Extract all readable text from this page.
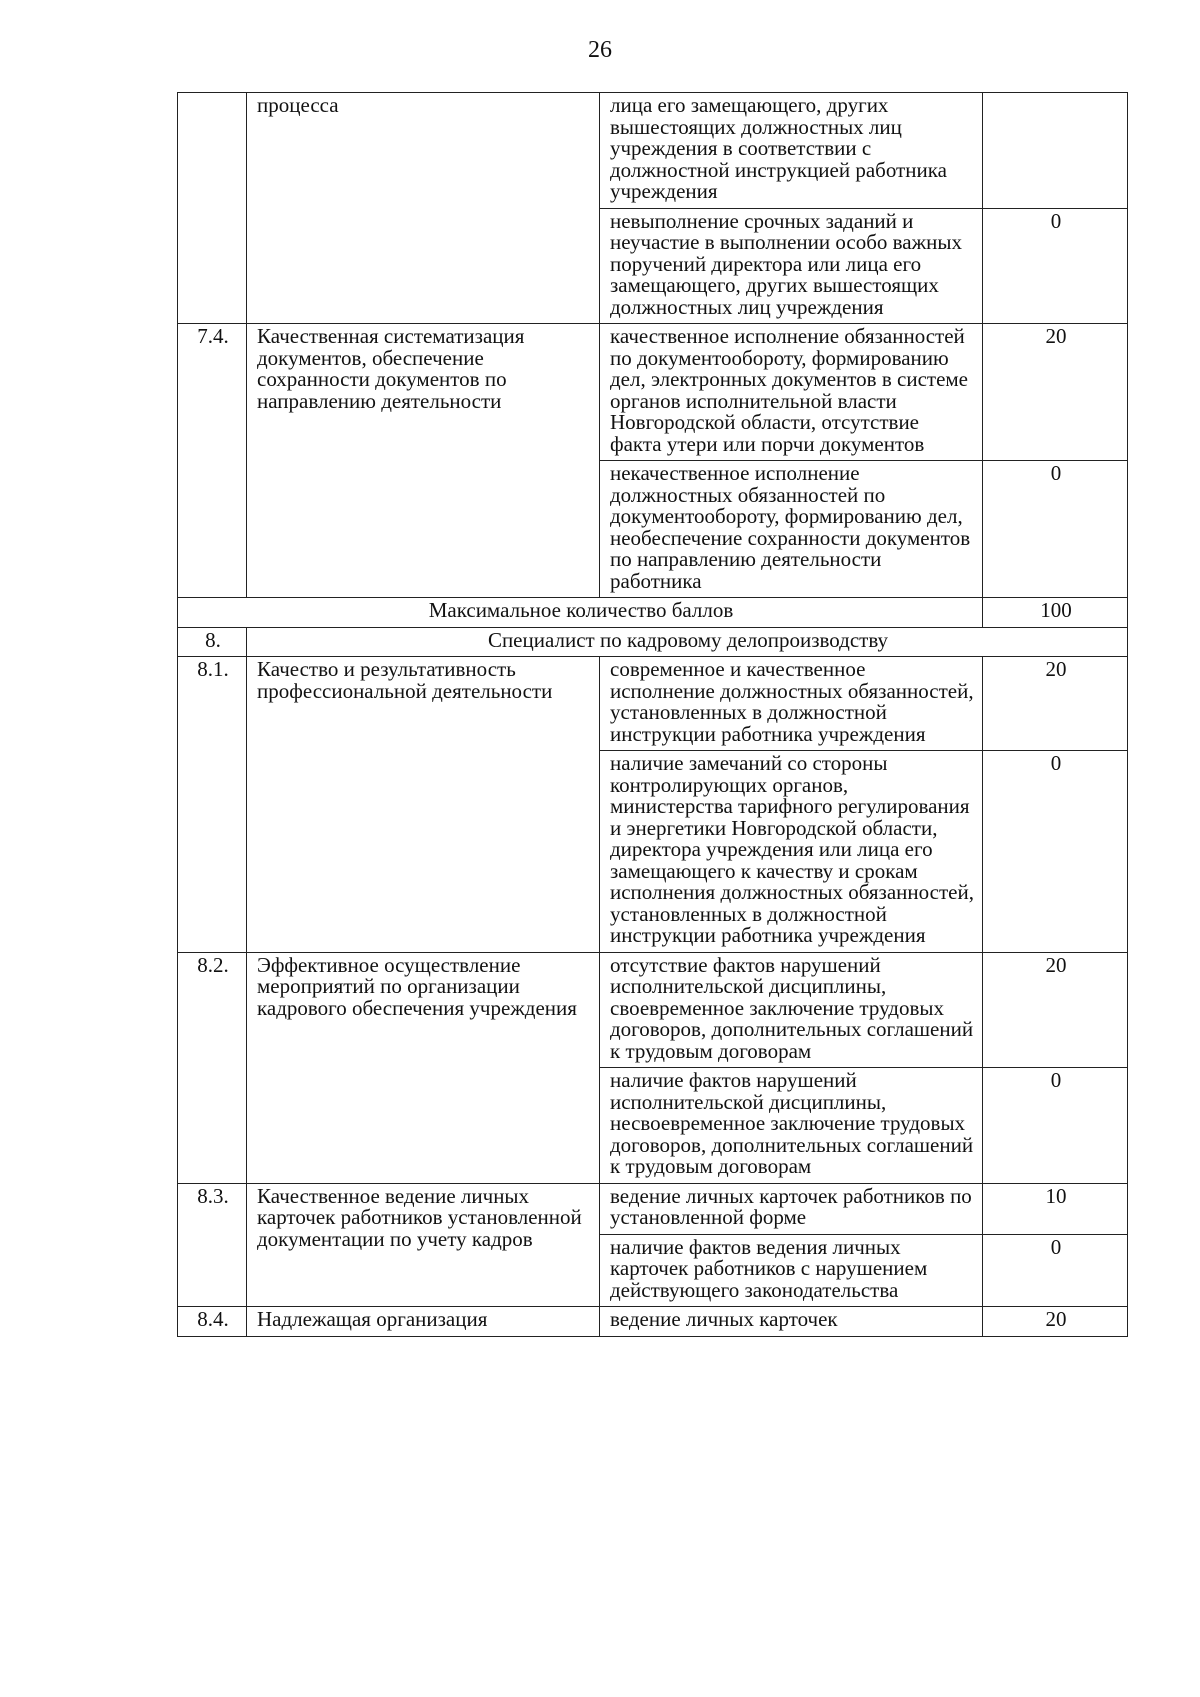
26
	процесса	лица его замещающего, других вышестоящих должностных лиц учреждения в соответствии с должностной инструкцией работника учреждения	
		невыполнение срочных заданий и неучастие в выполнении особо важных поручений директора или лица его замещающего, других вышестоящих должностных лиц учреждения	0
7.4.	Качественная систематизация документов, обеспечение сохранности документов по направлению деятельности	качественное исполнение обязанностей по документообороту, формированию дел, электронных документов в системе органов исполнительной власти Новгородской области, отсутствие факта утери или порчи документов	20
		некачественное исполнение должностных обязанностей по документообороту, формированию дел, необеспечение сохранности документов по направлению деятельности работника	0
Максимальное количество баллов			100
8.	Специалист по кадровому делопроизводству		
8.1.	Качество и результативность профессиональной деятельности	современное и качественное исполнение должностных обязанностей, установленных в должностной инструкции работника учреждения	20
		наличие замечаний со стороны контролирующих органов, министерства тарифного регулирования и энергетики Новгородской области, директора учреждения или лица его замещающего к качеству и срокам исполнения должностных обязанностей, установленных в должностной инструкции работника учреждения	0
8.2.	Эффективное осуществление мероприятий по организации кадрового обеспечения учреждения	отсутствие фактов нарушений исполнительской дисциплины, своевременное заключение трудовых договоров, дополнительных соглашений к трудовым договорам	20
		наличие фактов нарушений исполнительской дисциплины, несвоевременное заключение трудовых договоров, дополнительных соглашений к трудовым договорам	0
8.3.	Качественное ведение личных карточек работников установленной документации по учету кадров	ведение личных карточек работников по установленной форме	10
		наличие фактов ведения личных карточек работников с нарушением действующего законодательства	0
8.4.	Надлежащая организация	ведение личных карточек	20
